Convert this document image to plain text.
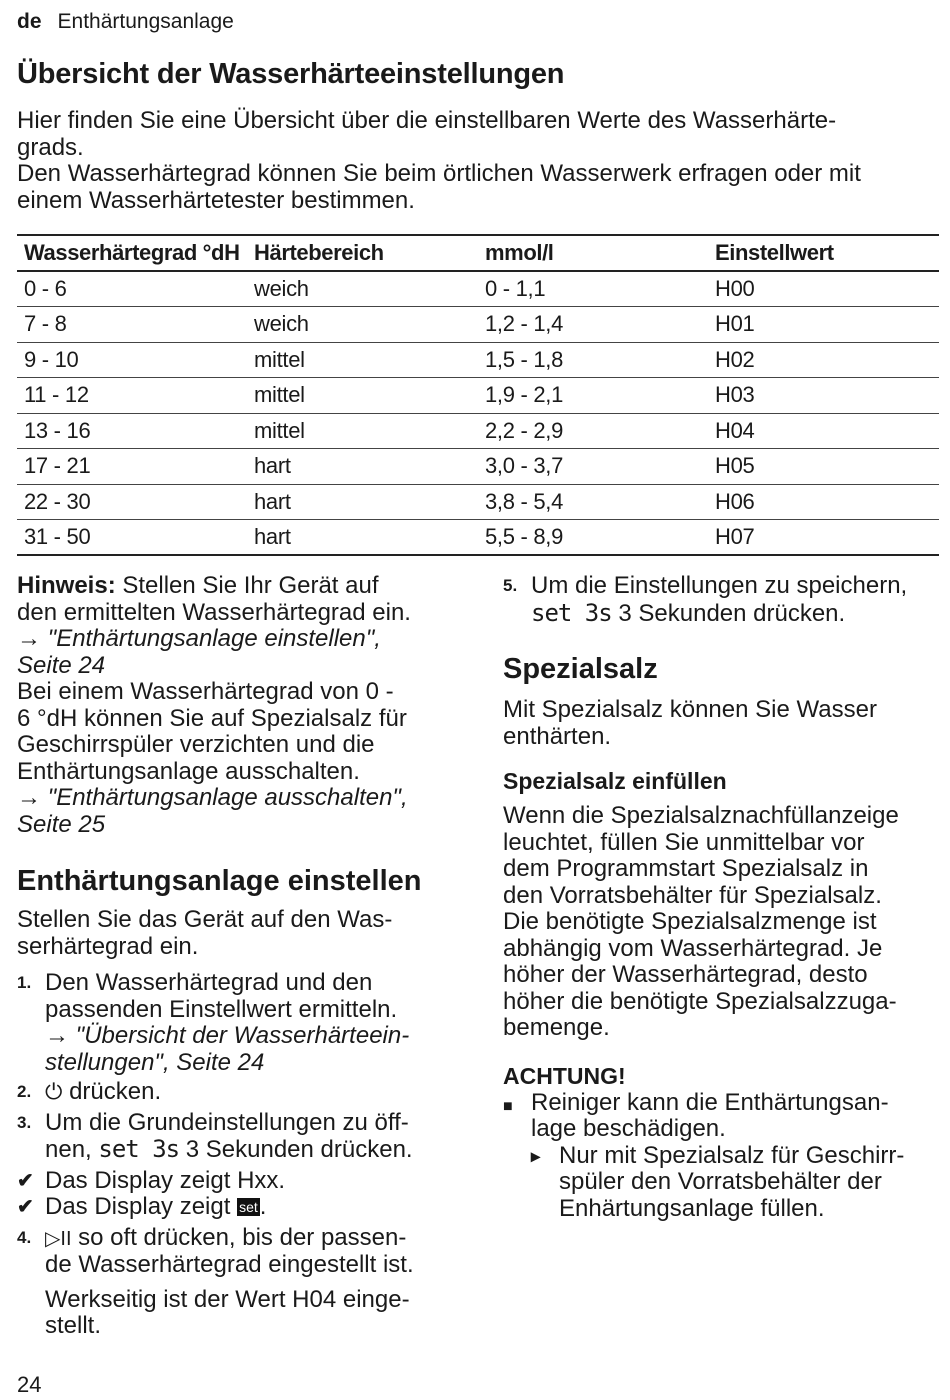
de Enthärtungsanlage
Übersicht der Wasserhärteeinstellungen
Hier finden Sie eine Übersicht über die einstellbaren Werte des Wasserhärte-
grads.
Den Wasserhärtegrad können Sie beim örtlichen Wasserwerk erfragen oder mit
einem Wasserhärtetester bestimmen.
Wasserhärtegrad °dH	Härtebereich	mmol/l	Einstellwert
0 - 6	weich	0 - 1,1	H00
7 - 8	weich	1,2 - 1,4	H01
9 - 10	mittel	1,5 - 1,8	H02
11 - 12	mittel	1,9 - 2,1	H03
13 - 16	mittel	2,2 - 2,9	H04
17 - 21	hart	3,0 - 3,7	H05
22 - 30	hart	3,8 - 5,4	H06
31 - 50	hart	5,5 - 8,9	H07
Hinweis: Stellen Sie Ihr Gerät auf
den ermittelten Wasserhärtegrad ein.
→ "Enthärtungsanlage einstellen",
Seite 24
Bei einem Wasserhärtegrad von 0 -
6 °dH können Sie auf Spezialsalz für
Geschirrspüler verzichten und die
Enthärtungsanlage ausschalten.
→ "Enthärtungsanlage ausschalten",
Seite 25
Enthärtungsanlage einstellen
Stellen Sie das Gerät auf den Was-
serhärtegrad ein.
1. Den Wasserhärtegrad und den
passenden Einstellwert ermitteln.
→ "Übersicht der Wasserhärteein-
stellungen", Seite 24
2. ⏻ drücken.
3. Um die Grundeinstellungen zu öff-
nen, set 3s 3 Sekunden drücken.
✔ Das Display zeigt Hxx.
✔ Das Display zeigt set.
4. ▷II so oft drücken, bis der passen-
de Wasserhärtegrad eingestellt ist.
Werkseitig ist der Wert H04 einge-
stellt.
5. Um die Einstellungen zu speichern,
set 3s 3 Sekunden drücken.
Spezialsalz
Mit Spezialsalz können Sie Wasser
enthärten.
Spezialsalz einfüllen
Wenn die Spezialsalznachfüllanzeige
leuchtet, füllen Sie unmittelbar vor
dem Programmstart Spezialsalz in
den Vorratsbehälter für Spezialsalz.
Die benötigte Spezialsalzmenge ist
abhängig vom Wasserhärtegrad. Je
höher der Wasserhärtegrad, desto
höher die benötigte Spezialsalzzuga-
bemenge.
ACHTUNG!
■ Reiniger kann die Enthärtungsan-
lage beschädigen.
▸ Nur mit Spezialsalz für Geschirr-
spüler den Vorratsbehälter der
Enhärtungsanlage füllen.
24
